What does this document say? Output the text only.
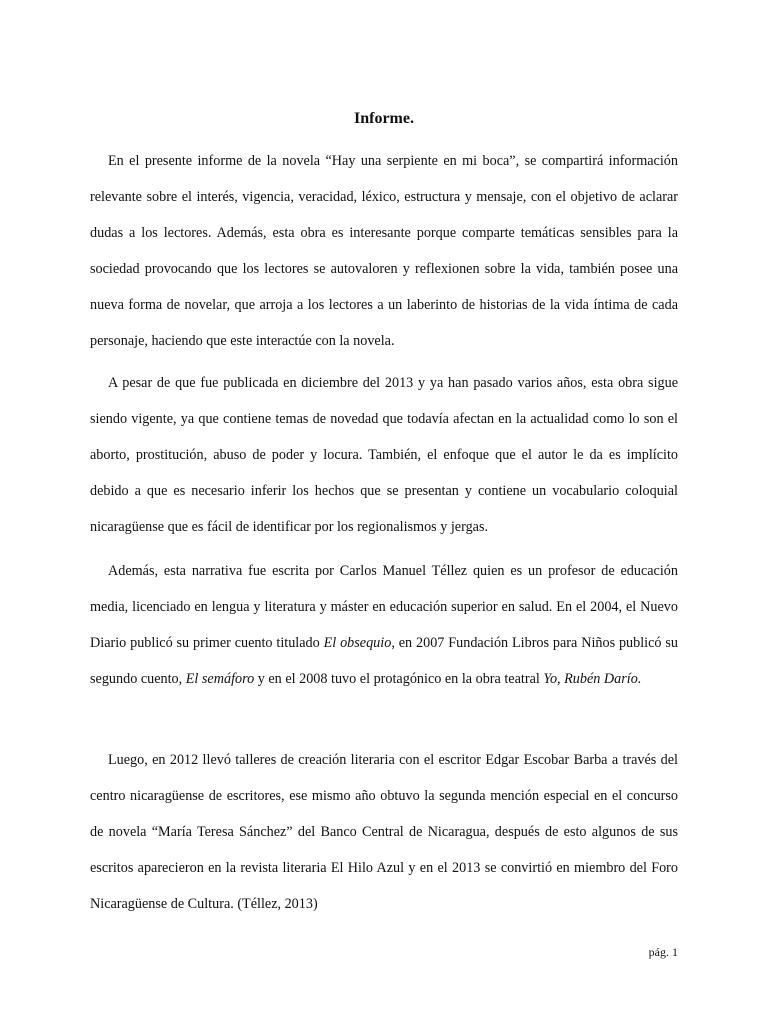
Informe.

En el presente informe de la novela “Hay una serpiente en mi boca”, se compartirá información relevante sobre el interés, vigencia, veracidad, léxico, estructura y mensaje, con el objetivo de aclarar dudas a los lectores. Además, esta obra es interesante porque comparte temáticas sensibles para la sociedad provocando que los lectores se autovaloren y reflexionen sobre la vida, también posee una nueva forma de novelar, que arroja a los lectores a un laberinto de historias de la vida íntima de cada personaje, haciendo que este interactúe con la novela.

A pesar de que fue publicada en diciembre del 2013 y ya han pasado varios años, esta obra sigue siendo vigente, ya que contiene temas de novedad que todavía afectan en la actualidad como lo son el aborto, prostitución, abuso de poder y locura. También, el enfoque que el autor le da es implícito debido a que es necesario inferir los hechos que se presentan y contiene un vocabulario coloquial nicaragüense que es fácil de identificar por los regionalismos y jergas.

Además, esta narrativa fue escrita por Carlos Manuel Téllez quien es un profesor de educación media, licenciado en lengua y literatura y máster en educación superior en salud. En el 2004, el Nuevo Diario publicó su primer cuento titulado El obsequio, en 2007 Fundación Libros para Niños publicó su segundo cuento, El semáforo y en el 2008 tuvo el protagónico en la obra teatral Yo, Rubén Darío.

Luego, en 2012 llevó talleres de creación literaria con el escritor Edgar Escobar Barba a través del centro nicaragüense de escritores, ese mismo año obtuvo la segunda mención especial en el concurso de novela “María Teresa Sánchez” del Banco Central de Nicaragua, después de esto algunos de sus escritos aparecieron en la revista literaria El Hilo Azul y en el 2013 se convirtió en miembro del Foro Nicaragüense de Cultura. (Téllez, 2013)

pág. 1
